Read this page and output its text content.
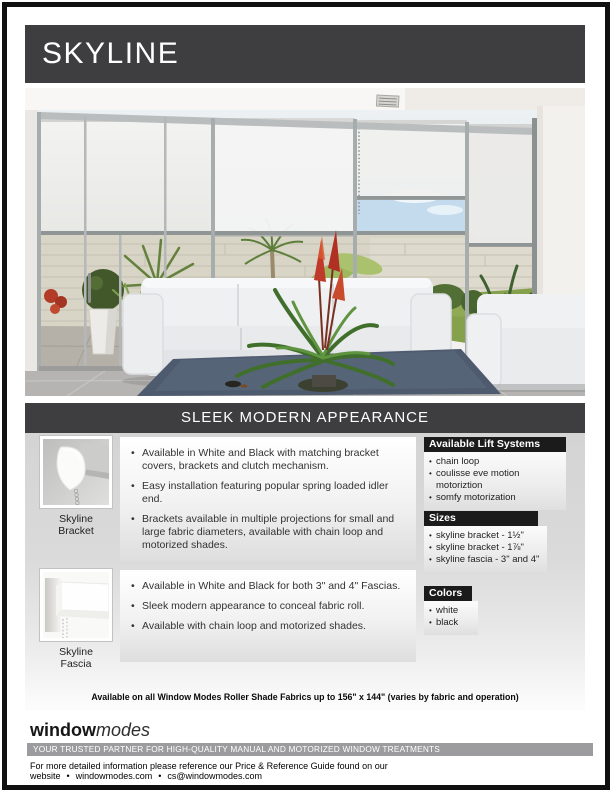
SKYLINE
SLEEK MODERN APPEARANCE
Skyline
Bracket
• Available in White and Black with matching bracket covers, brackets and clutch mechanism.
• Easy installation featuring popular spring loaded idler end.
• Brackets available in multiple projections for small and large fabric diameters, available with chain loop and motorized shades.
Skyline
Fascia
• Available in White and Black for both 3" and 4" Fascias.
• Sleek modern appearance to conceal fabric roll.
• Available with chain loop and motorized shades.
Available Lift Systems
• chain loop
• coulisse eve motion motoriztion
• somfy motorization
Sizes
• skyline bracket - 1½"
• skyline bracket - 1⅞"
• skyline fascia - 3" and 4"
Colors
• white
• black
Available on all Window Modes Roller Shade Fabrics up to 156" x 144" (varies by fabric and operation)
windowmodes
YOUR TRUSTED PARTNER FOR HIGH-QUALITY MANUAL AND MOTORIZED WINDOW TREATMENTS
For more detailed information please reference our Price & Reference Guide found on our website • windowmodes.com • cs@windowmodes.com
